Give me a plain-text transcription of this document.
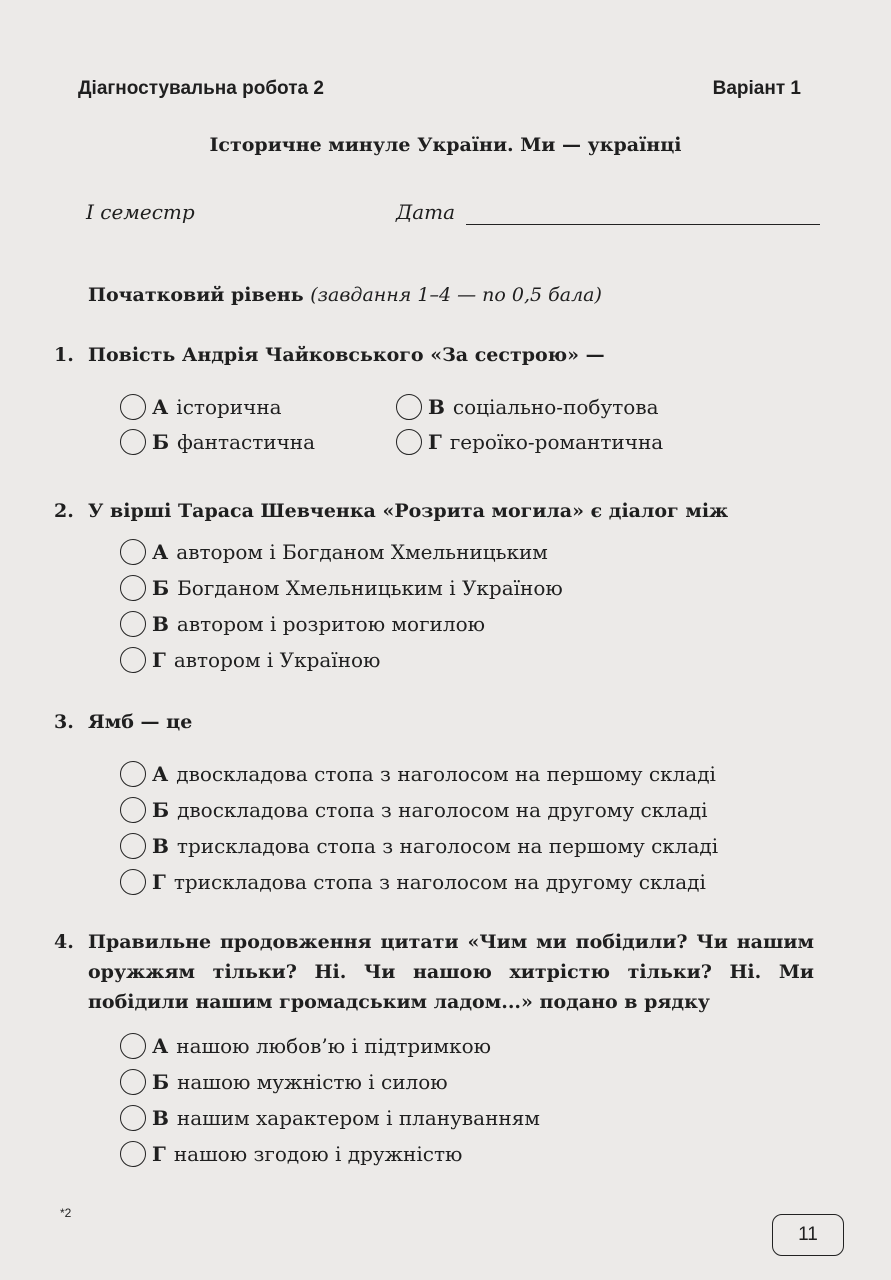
Діагностувальна робота 2	Варіант 1
Історичне минуле України. Ми — українці
I семестр	Дата
Початковий рівень (завдання 1–4 — по 0,5 бала)
1. Повість Андрія Чайковського «За сестрою» —
А історична
Б фантастична
В соціально-побутова
Г героїко-романтична
2. У вірші Тараса Шевченка «Розрита могила» є діалог між
А автором і Богданом Хмельницьким
Б Богданом Хмельницьким і Україною
В автором і розритою могилою
Г автором і Україною
3. Ямб — це
А двоскладова стопа з наголосом на першому складі
Б двоскладова стопа з наголосом на другому складі
В трискладова стопа з наголосом на першому складі
Г трискладова стопа з наголосом на другому складі
4. Правильне продовження цитати «Чим ми побідили? Чи нашим оружжям тільки? Ні. Чи нашою хитрістю тільки? Ні. Ми побідили нашим громадським ладом...» подано в рядку
А нашою любов’ю і підтримкою
Б нашою мужністю і силою
В нашим характером і плануванням
Г нашою згодою і дружністю
*2
11
